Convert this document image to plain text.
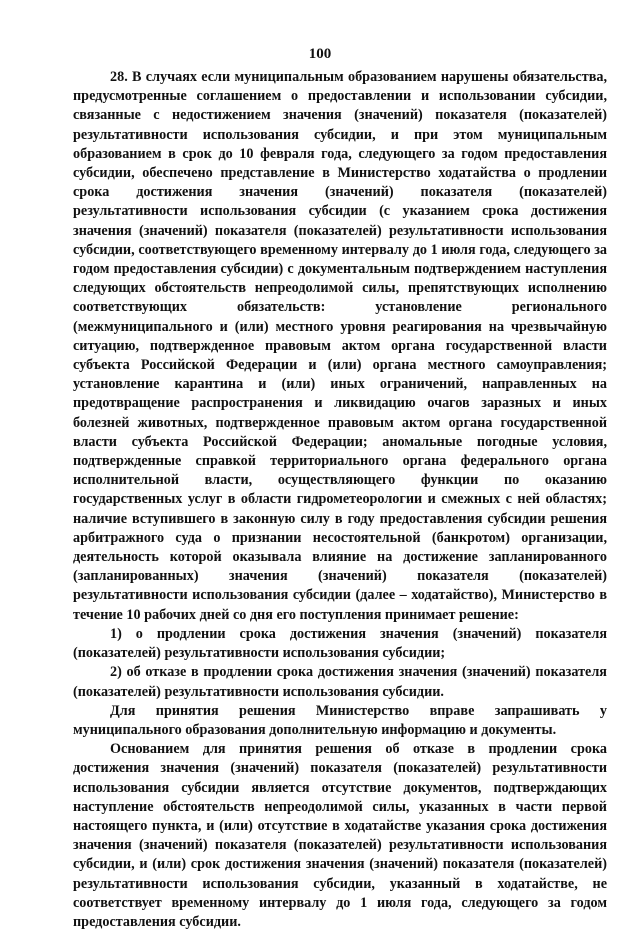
100

28. В случаях если муниципальным образованием нарушены обязательства, предусмотренные соглашением о предоставлении и использовании субсидии, связанные с недостижением значения (значений) показателя (показателей) результативности использования субсидии, и при этом муниципальным образованием в срок до 10 февраля года, следующего за годом предоставления субсидии, обеспечено представление в Министерство ходатайства о продлении срока достижения значения (значений) показателя (показателей) результативности использования субсидии (с указанием срока достижения значения (значений) показателя (показателей) результативности использования субсидии, соответствующего временному интервалу до 1 июля года, следующего за годом предоставления субсидии) с документальным подтверждением наступления следующих обстоятельств непреодолимой силы, препятствующих исполнению соответствующих обязательств: установление регионального (межмуниципального и (или) местного уровня реагирования на чрезвычайную ситуацию, подтвержденное правовым актом органа государственной власти субъекта Российской Федерации и (или) органа местного самоуправления; установление карантина и (или) иных ограничений, направленных на предотвращение распространения и ликвидацию очагов заразных и иных болезней животных, подтвержденное правовым актом органа государственной власти субъекта Российской Федерации; аномальные погодные условия, подтвержденные справкой территориального органа федерального органа исполнительной власти, осуществляющего функции по оказанию государственных услуг в области гидрометеорологии и смежных с ней областях; наличие вступившего в законную силу в году предоставления субсидии решения арбитражного суда о признании несостоятельной (банкротом) организации, деятельность которой оказывала влияние на достижение запланированного (запланированных) значения (значений) показателя (показателей) результативности использования субсидии (далее – ходатайство), Министерство в течение 10 рабочих дней со дня его поступления принимает решение:

1) о продлении срока достижения значения (значений) показателя (показателей) результативности использования субсидии;

2) об отказе в продлении срока достижения значения (значений) показателя (показателей) результативности использования субсидии.

Для принятия решения Министерство вправе запрашивать у муниципального образования дополнительную информацию и документы.

Основанием для принятия решения об отказе в продлении срока достижения значения (значений) показателя (показателей) результативности использования субсидии является отсутствие документов, подтверждающих наступление обстоятельств непреодолимой силы, указанных в части первой настоящего пункта, и (или) отсутствие в ходатайстве указания срока достижения значения (значений) показателя (показателей) результативности использования субсидии, и (или) срок достижения значения (значений) показателя (показателей) результативности использования субсидии, указанный в ходатайстве, не соответствует временному интервалу до 1 июля года, следующего за годом предоставления субсидии.
